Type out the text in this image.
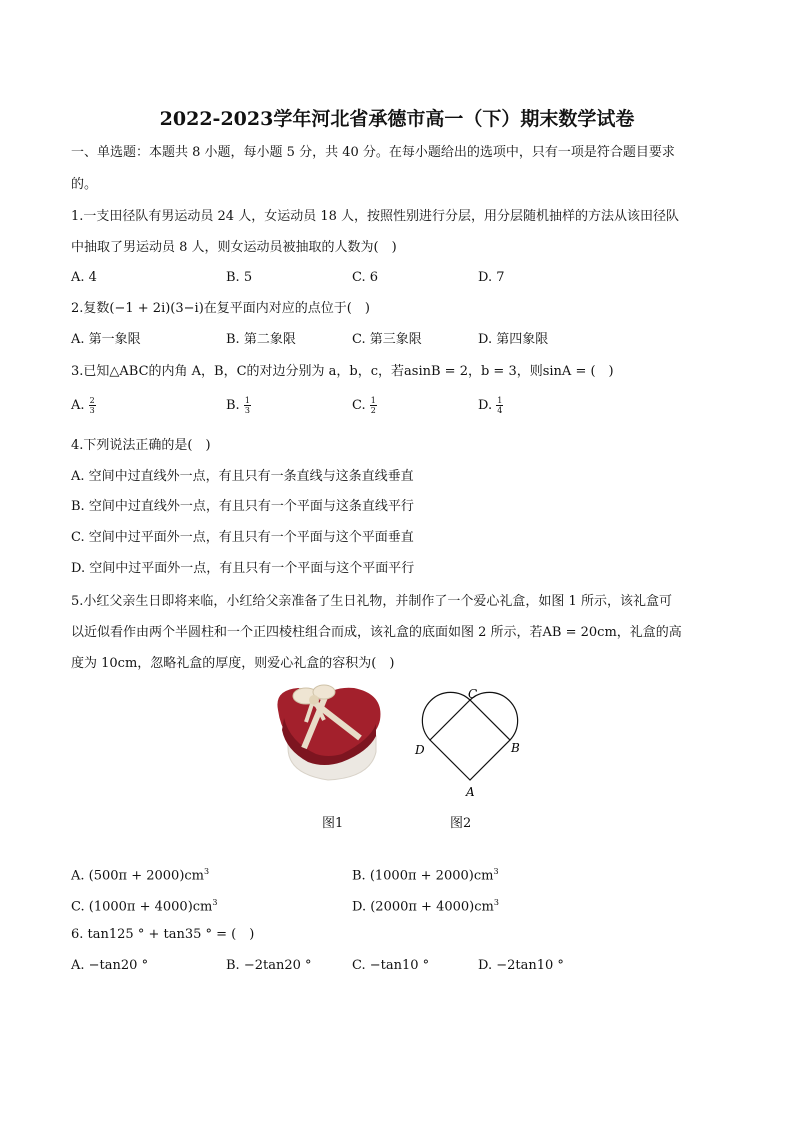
2022-2023学年河北省承德市高一（下）期末数学试卷
一、单选题：本题共 8 小题，每小题 5 分，共 40 分。在每小题给出的选项中，只有一项是符合题目要求
的。
1.一支田径队有男运动员 24 人，女运动员 18 人，按照性别进行分层，用分层随机抽样的方法从该田径队
中抽取了男运动员 8 人，则女运动员被抽取的人数为(　)
A. 4	B. 5	C. 6	D. 7
2.复数(−1 + 2i)(3−i)在复平面内对应的点位于(　)
A. 第一象限	B. 第二象限	C. 第三象限	D. 第四象限
3.已知△ABC的内角 A，B，C的对边分别为 a，b，c，若asinB = 2，b = 3，则sinA = (　)
A. $\frac{2}{3}$	B. $\frac{1}{3}$	C. $\frac{1}{2}$	D. $\frac{1}{4}$
4.下列说法正确的是(　)
A. 空间中过直线外一点，有且只有一条直线与这条直线垂直
B. 空间中过直线外一点，有且只有一个平面与这条直线平行
C. 空间中过平面外一点，有且只有一个平面与这个平面垂直
D. 空间中过平面外一点，有且只有一个平面与这个平面平行
5.小红父亲生日即将来临，小红给父亲准备了生日礼物，并制作了一个爱心礼盒，如图 1 所示，该礼盒可
以近似看作由两个半圆柱和一个正四棱柱组合而成，该礼盒的底面如图 2 所示，若AB = 20cm，礼盒的高
度为 10cm，忽略礼盒的厚度，则爱心礼盒的容积为(　)
C
D	B
A
图1	图2
A. $(500\pi + 2000)cm^3$	B. $(1000\pi + 2000)cm^3$
C. $(1000\pi + 4000)cm^3$	D. $(2000\pi + 4000)cm^3$
6. tan125 ° + tan35 ° = (　)
A. −tan20 °	B. −2tan20 °	C. −tan10 °	D. −2tan10 °
